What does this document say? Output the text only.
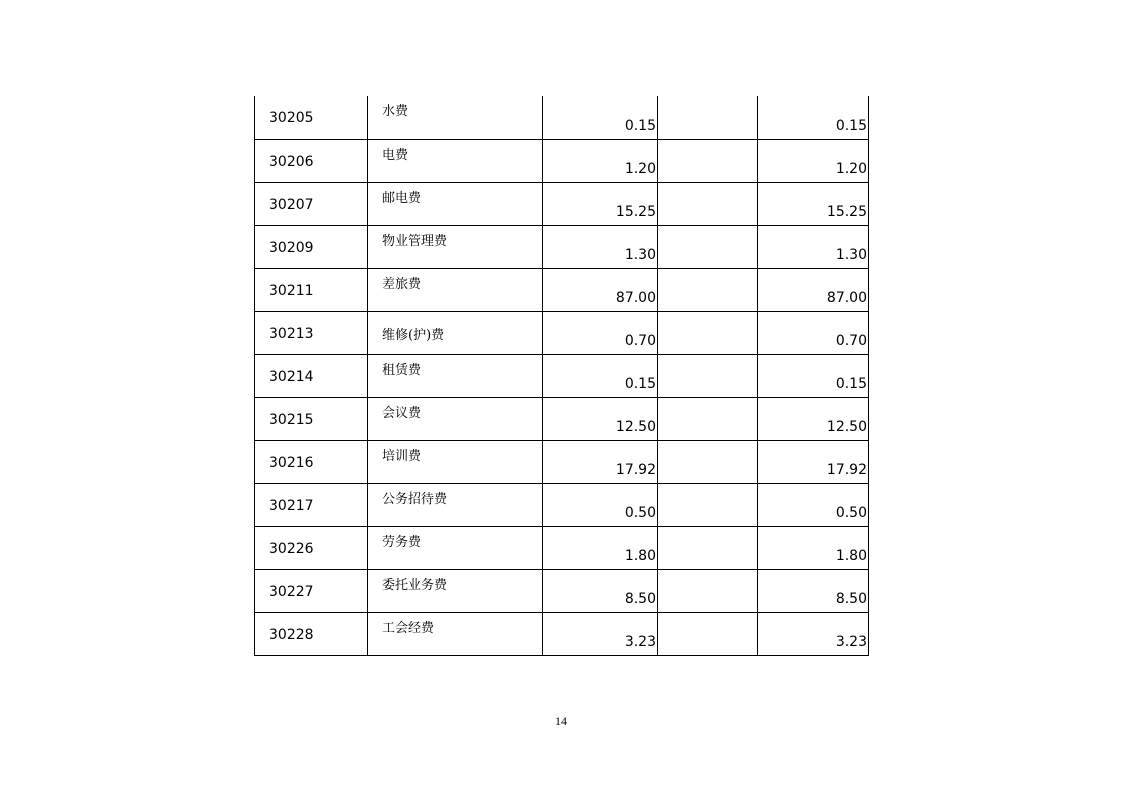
30205	水费	0.15		0.15
30206	电费	1.20		1.20
30207	邮电费	15.25		15.25
30209	物业管理费	1.30		1.30
30211	差旅费	87.00		87.00
30213	维修(护)费	0.70		0.70
30214	租赁费	0.15		0.15
30215	会议费	12.50		12.50
30216	培训费	17.92		17.92
30217	公务招待费	0.50		0.50
30226	劳务费	1.80		1.80
30227	委托业务费	8.50		8.50
30228	工会经费	3.23		3.23
14
